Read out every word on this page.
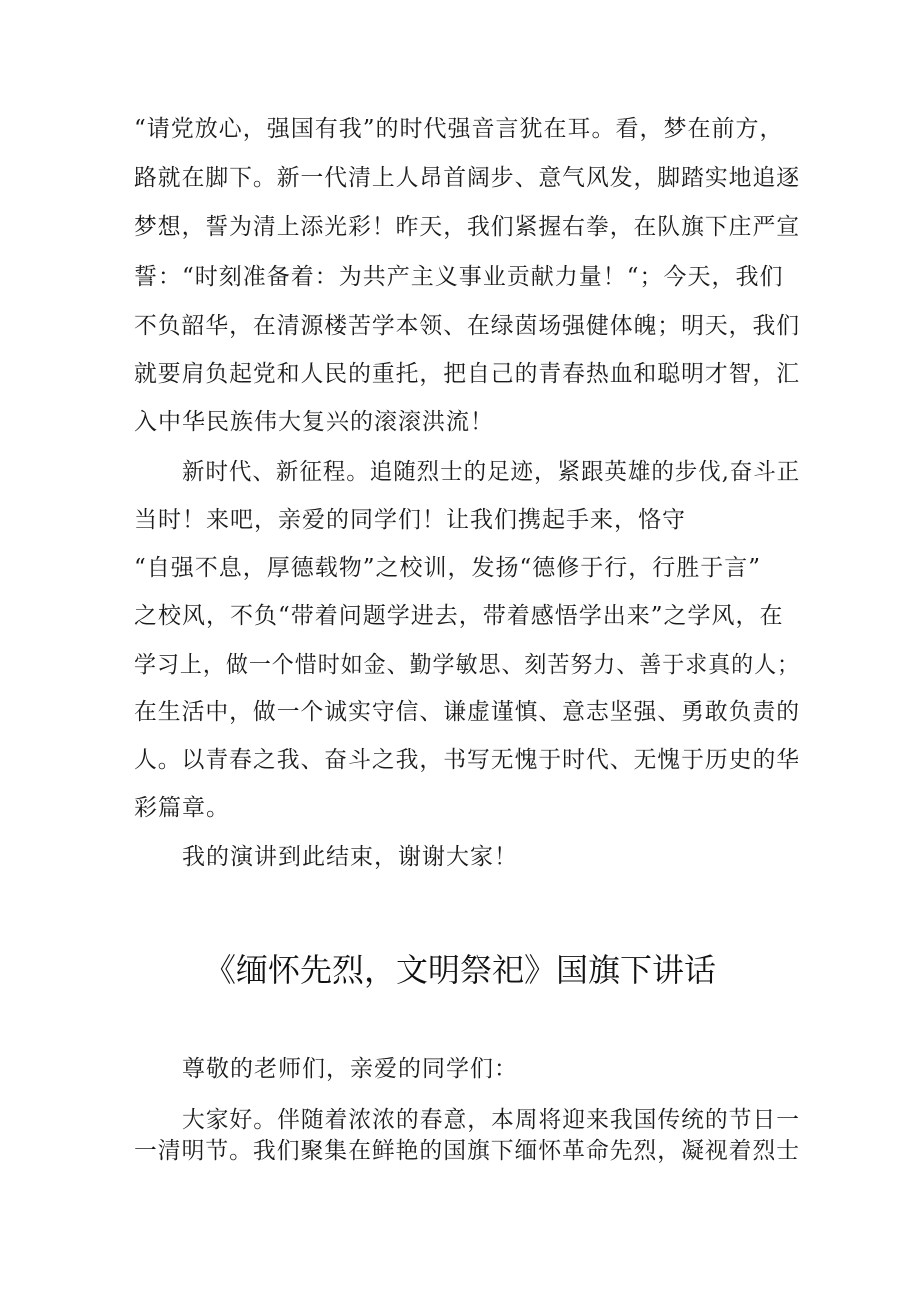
“请党放心，强国有我”的时代强音言犹在耳。看，梦在前方，
路就在脚下。新一代清上人昂首阔步、意气风发，脚踏实地追逐
梦想，誓为清上添光彩！昨天，我们紧握右拳，在队旗下庄严宣
誓：“时刻准备着：为共产主义事业贡献力量！“；今天，我们
不负韶华，在清源楼苦学本领、在绿茵场强健体魄；明天，我们
就要肩负起党和人民的重托，把自己的青春热血和聪明才智，汇
入中华民族伟大复兴的滚滚洪流！
新时代、新征程。追随烈士的足迹，紧跟英雄的步伐,奋斗正
当时！来吧，亲爱的同学们！让我们携起手来，恪守
“自强不息，厚德载物”之校训，发扬“德修于行，行胜于言”
之校风，不负“带着问题学进去，带着感悟学出来”之学风，在
学习上，做一个惜时如金、勤学敏思、刻苦努力、善于求真的人；
在生活中，做一个诚实守信、谦虚谨慎、意志坚强、勇敢负责的
人。以青春之我、奋斗之我，书写无愧于时代、无愧于历史的华
彩篇章。
我的演讲到此结束，谢谢大家！
《缅怀先烈，文明祭祀》国旗下讲话
尊敬的老师们，亲爱的同学们：
大家好。伴随着浓浓的春意，本周将迎来我国传统的节日一
一清明节。我们聚集在鲜艳的国旗下缅怀革命先烈，凝视着烈士
